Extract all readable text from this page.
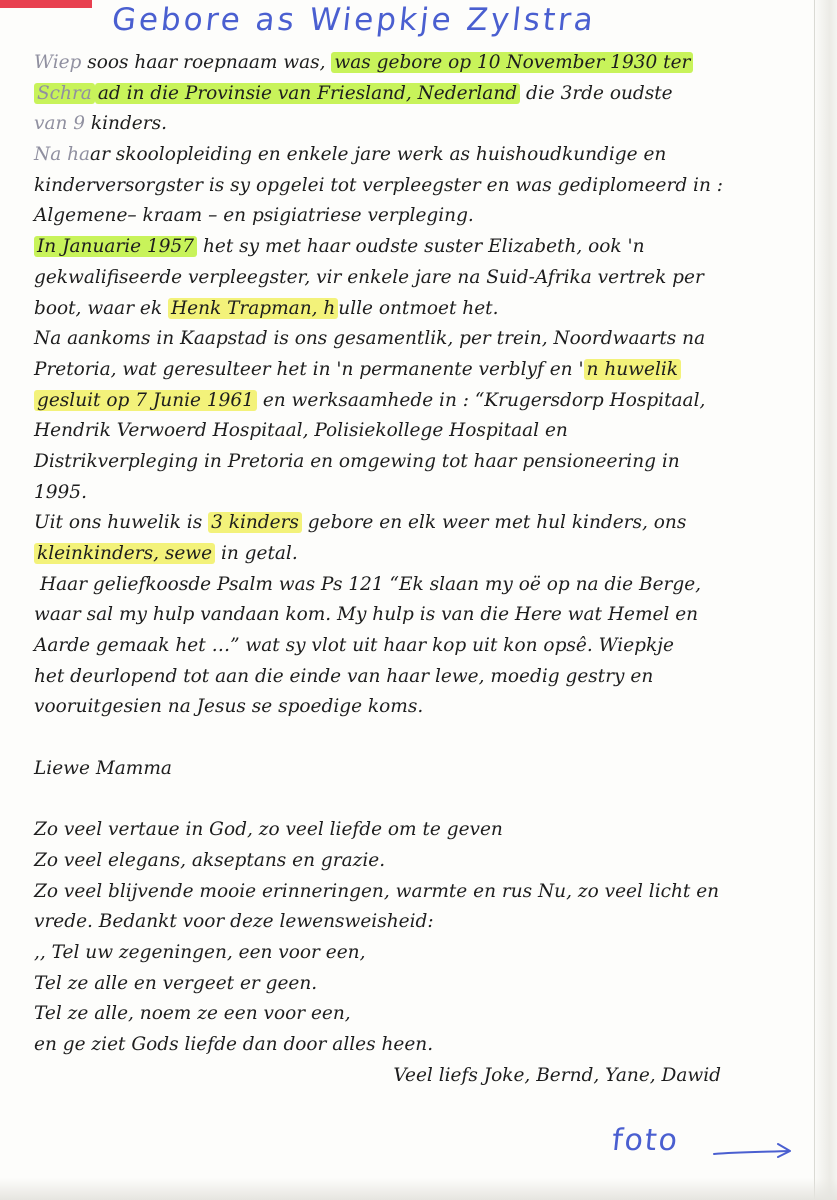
Gebore as Wiepkje Zylstra
Wiep soos haar roepnaam was, was gebore op 10 November 1930 ter
Schra ad in die Provinsie van Friesland, Nederland die 3rde oudste
van 9 kinders.
Na haar skoolopleiding en enkele jare werk as huishoudkundige en
kinderversorgster is sy opgelei tot verpleegster en was gediplomeerd in :
Algemene– kraam – en psigiatriese verpleging.
In Januarie 1957 het sy met haar oudste suster Elizabeth, ook 'n
gekwalifiseerde verpleegster, vir enkele jare na Suid-Afrika vertrek per
boot, waar ek Henk Trapman, h ulle ontmoet het.
Na aankoms in Kaapstad is ons gesamentlik, per trein, Noordwaarts na
Pretoria, wat geresulteer het in 'n permanente verblyf en ' n huwelik
gesluit op 7 Junie 1961 en werksaamhede in : “Krugersdorp Hospitaal,
Hendrik Verwoerd Hospitaal, Polisiekollege Hospitaal en
Distrikverpleging in Pretoria en omgewing tot haar pensioneering in
1995.
Uit ons huwelik is 3 kinders gebore en elk weer met hul kinders, ons
kleinkinders, sewe in getal.
Haar geliefkoosde Psalm was Ps 121 “Ek slaan my oë op na die Berge,
waar sal my hulp vandaan kom. My hulp is van die Here wat Hemel en
Aarde gemaak het …” wat sy vlot uit haar kop uit kon opsê. Wiepkje
het deurlopend tot aan die einde van haar lewe, moedig gestry en
vooruitgesien na Jesus se spoedige koms.
Liewe Mamma
Zo veel vertaue in God, zo veel liefde om te geven
Zo veel elegans, akseptans en grazie.
Zo veel blijvende mooie erinneringen, warmte en rus Nu, zo veel licht en
vrede. Bedankt voor deze lewensweisheid:
,, Tel uw zegeningen, een voor een,
Tel ze alle en vergeet er geen.
Tel ze alle, noem ze een voor een,
en ge ziet Gods liefde dan door alles heen.
Veel liefs Joke, Bernd, Yane, Dawid
foto
